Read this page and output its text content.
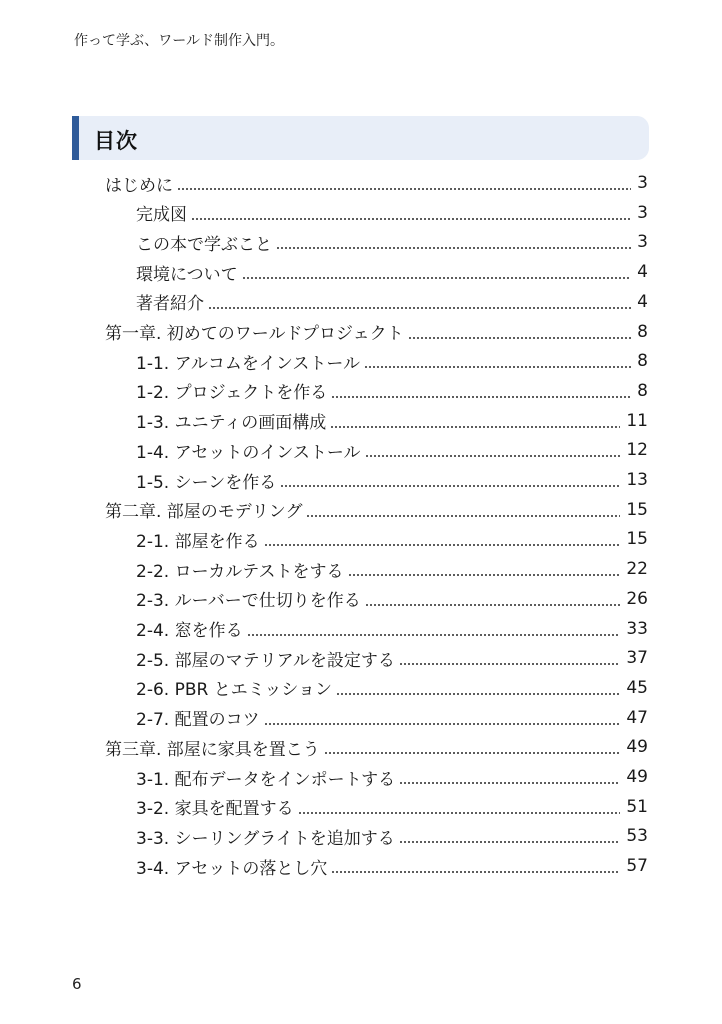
作って学ぶ、ワールド制作入門。
目次
はじめに	3
完成図	3
この本で学ぶこと	3
環境について	4
著者紹介	4
第一章. 初めてのワールドプロジェクト	8
1-1. アルコムをインストール	8
1-2. プロジェクトを作る	8
1-3. ユニティの画面構成	11
1-4. アセットのインストール	12
1-5. シーンを作る	13
第二章. 部屋のモデリング	15
2-1. 部屋を作る	15
2-2. ローカルテストをする	22
2-3. ルーバーで仕切りを作る	26
2-4. 窓を作る	33
2-5. 部屋のマテリアルを設定する	37
2-6. PBR とエミッション	45
2-7. 配置のコツ	47
第三章. 部屋に家具を置こう	49
3-1. 配布データをインポートする	49
3-2. 家具を配置する	51
3-3. シーリングライトを追加する	53
3-4. アセットの落とし穴	57
6
